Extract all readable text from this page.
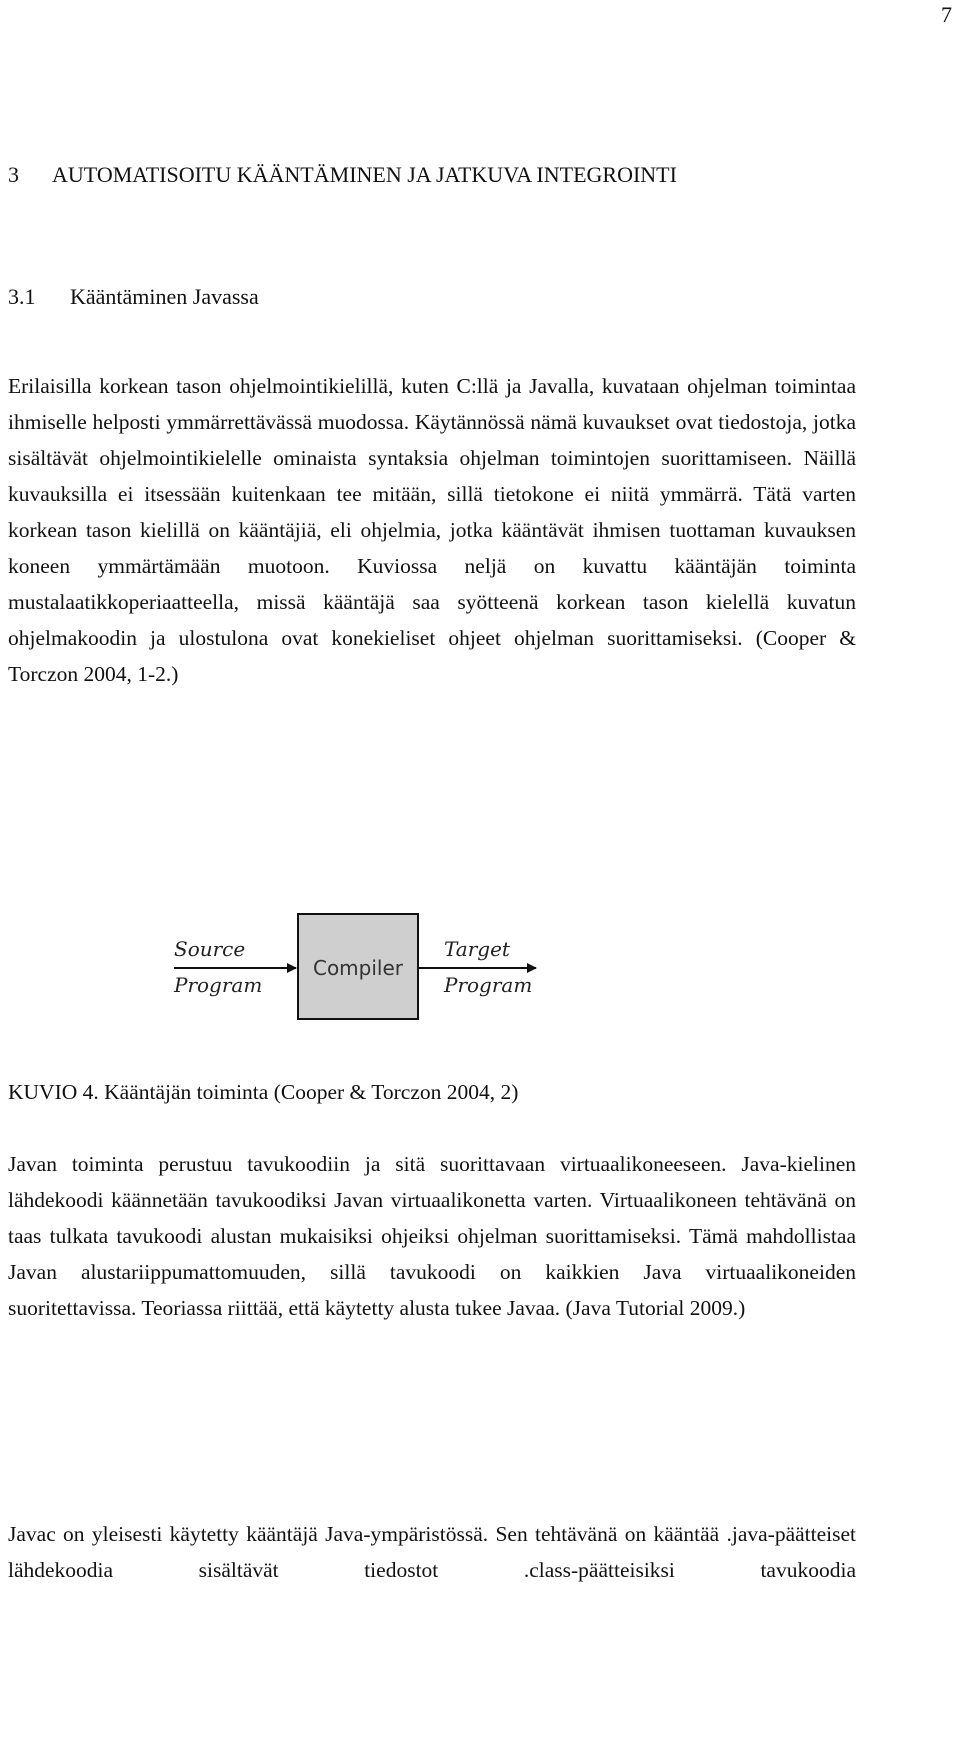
7
3 AUTOMATISOITU KÄÄNTÄMINEN JA JATKUVA INTEGROINTI
3.1 Kääntäminen Javassa

Erilaisilla korkean tason ohjelmointikielillä, kuten C:llä ja Javalla, kuvataan ohjelman toimintaa ihmiselle helposti ymmärrettävässä muodossa. Käytännössä nämä kuvaukset ovat tiedostoja, jotka sisältävät ohjelmointikielelle ominaista syntaksia ohjelman toimintojen suorittamiseen. Näillä kuvauksilla ei itsessään kuitenkaan tee mitään, sillä tietokone ei niitä ymmärrä. Tätä varten korkean tason kielillä on kääntäjiä, eli ohjelmia, jotka kääntävät ihmisen tuottaman kuvauksen koneen ymmärtämään muotoon. Kuviossa neljä on kuvattu kääntäjän toiminta mustalaatikkoperiaatteella, missä kääntäjä saa syötteenä korkean tason kielellä kuvatun ohjelmakoodin ja ulostulona ovat konekieliset ohjeet ohjelman suorittamiseksi. (Cooper & Torczon 2004, 1-2.)

Source
Program
Compiler
Target
Program
KUVIO 4. Kääntäjän toiminta (Cooper & Torczon 2004, 2)

Javan toiminta perustuu tavukoodiin ja sitä suorittavaan virtuaalikoneeseen. Java-kielinen lähdekoodi käännetään tavukoodiksi Javan virtuaalikonetta varten. Virtuaalikoneen tehtävänä on taas tulkata tavukoodi alustan mukaisiksi ohjeiksi ohjelman suorittamiseksi. Tämä mahdollistaa Javan alustariippumattomuuden, sillä tavukoodi on kaikkien Java virtuaalikoneiden suoritettavissa. Teoriassa riittää, että käytetty alusta tukee Javaa. (Java Tutorial 2009.)

Javac on yleisesti käytetty kääntäjä Java-ympäristössä. Sen tehtävänä on kääntää .java-päätteiset lähdekoodia sisältävät tiedostot .class-päätteisiksi tavukoodia
